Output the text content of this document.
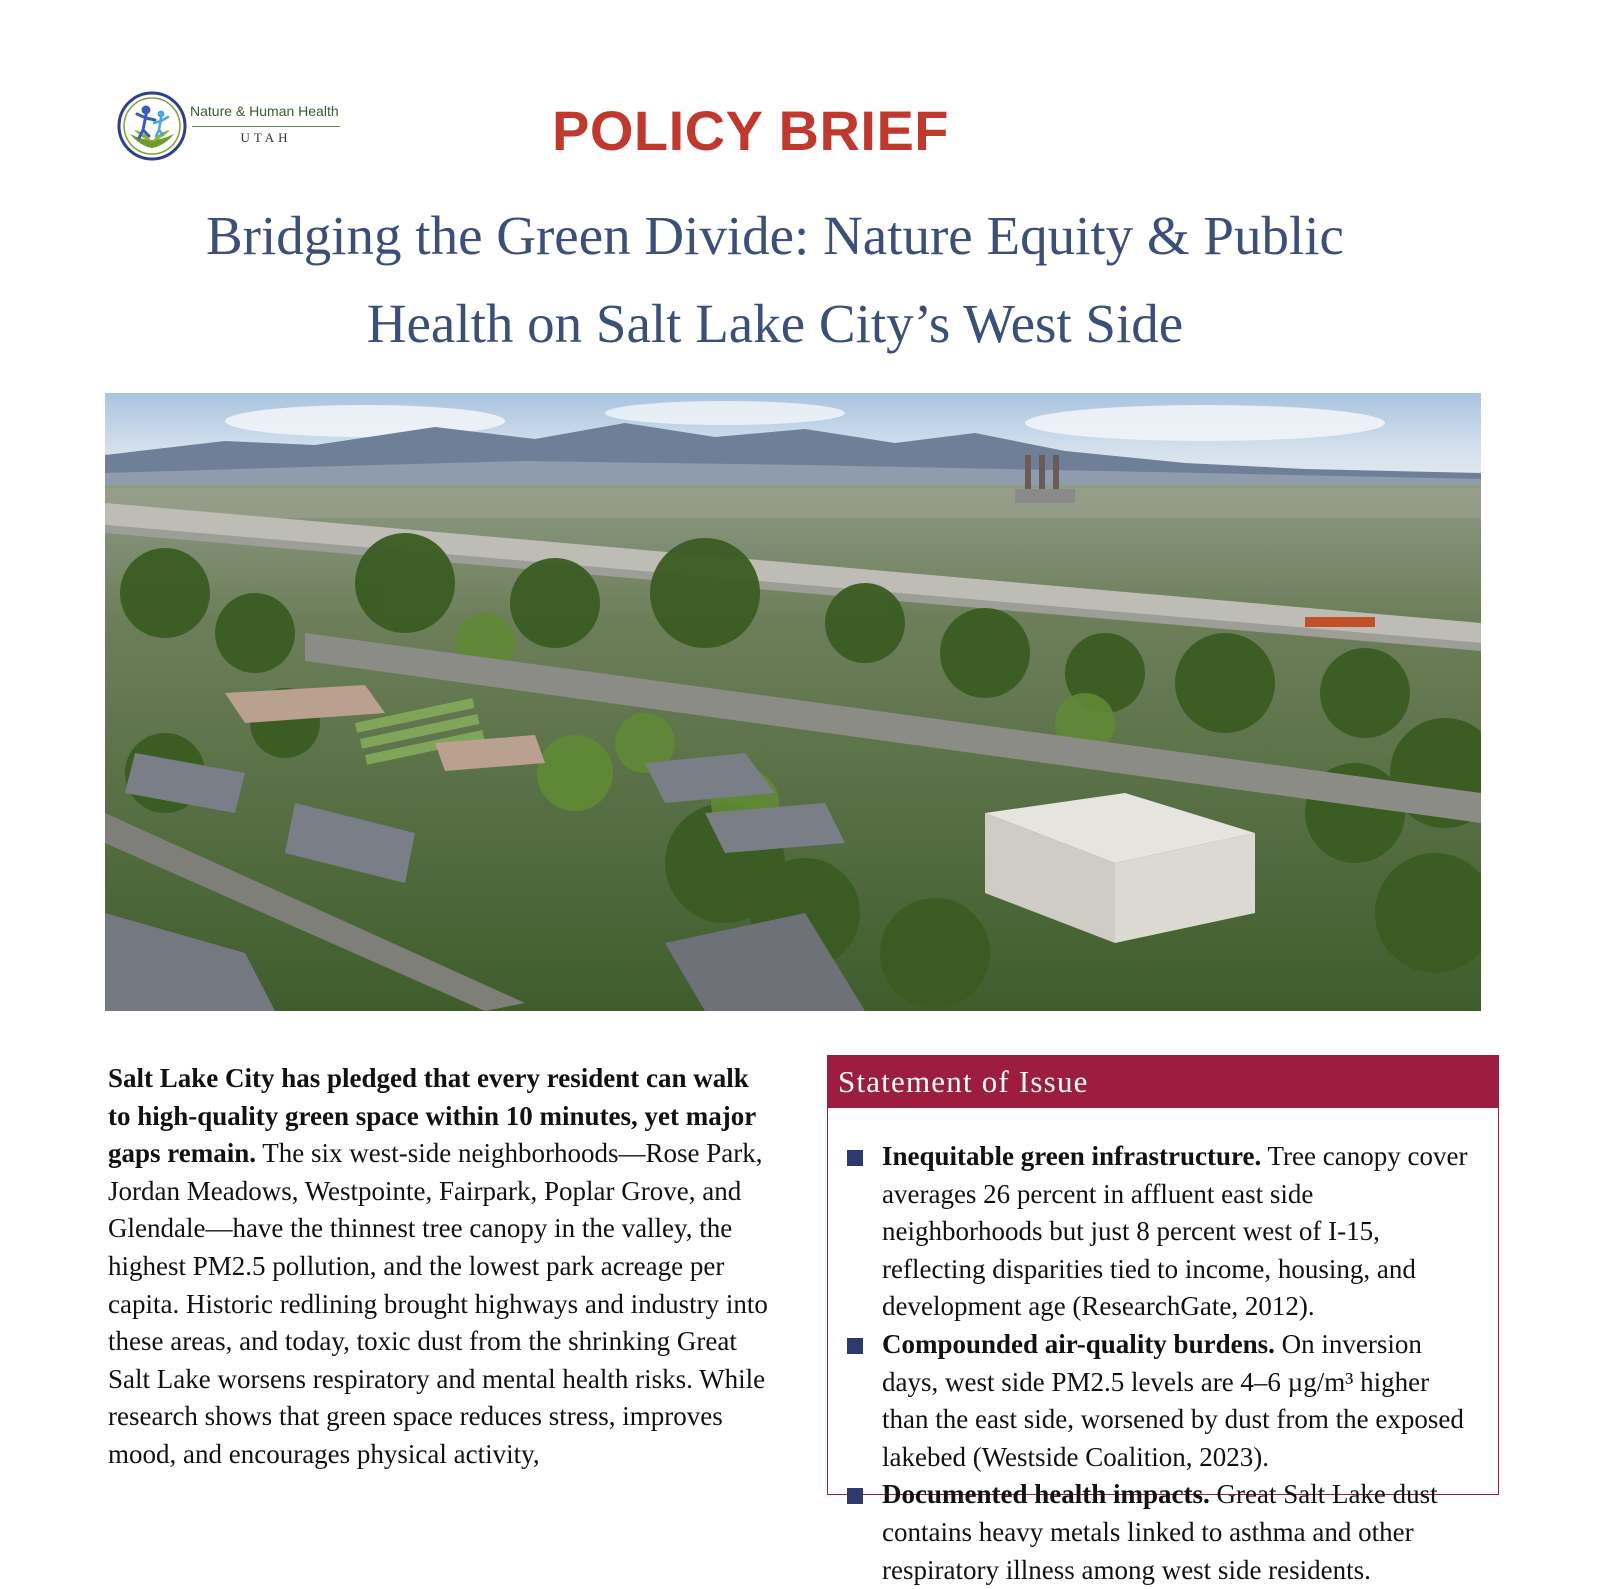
Nature & Human Health
UTAH	POLICY BRIEF
Bridging the Green Divide: Nature Equity & Public
Health on Salt Lake City’s West Side
Salt Lake City has pledged that every resident can walk to high-quality green space within 10 minutes, yet major gaps remain. The six west-side neighborhoods—Rose Park, Jordan Meadows, Westpointe, Fairpark, Poplar Grove, and Glendale—have the thinnest tree canopy in the valley, the highest PM2.5 pollution, and the lowest park acreage per capita. Historic redlining brought highways and industry into these areas, and today, toxic dust from the shrinking Great Salt Lake worsens respiratory and mental health risks. While research shows that green space reduces stress, improves mood, and encourages physical activity,
Statement of Issue
Inequitable green infrastructure. Tree canopy cover averages 26 percent in affluent east side neighborhoods but just 8 percent west of I-15, reflecting disparities tied to income, housing, and development age (ResearchGate, 2012).
Compounded air-quality burdens. On inversion days, west side PM2.5 levels are 4–6 µg/m³ higher than the east side, worsened by dust from the exposed lakebed (Westside Coalition, 2023).
Documented health impacts. Great Salt Lake dust contains heavy metals linked to asthma and other respiratory illness among west side residents.
